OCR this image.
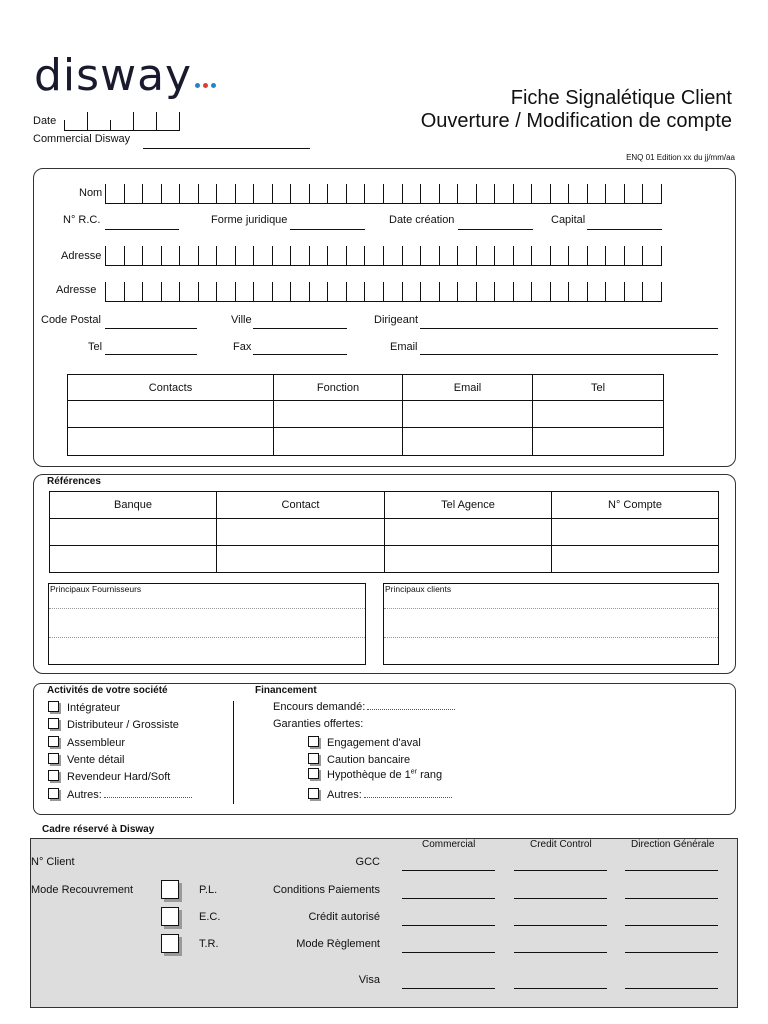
disway	Fiche Signalétique Client
Ouverture / Modification de compte
Date
Commercial Disway
ENQ 01 Edition xx du jj/mm/aa
Nom
N° R.C.	Forme juridique	Date création	Capital
Adresse
Adresse
Code Postal	Ville	Dirigeant
Tel	Fax	Email
Contacts	Fonction	Email	Tel

Références
Banque	Contact	Tel Agence	N° Compte

Principaux Fournisseurs	Principaux clients
Activités de votre société	Financement
Intégrateur
Distributeur / Grossiste
Assembleur
Vente détail
Revendeur Hard/Soft
Autres:
Encours demandé:
Garanties offertes:
Engagement d'aval
Caution bancaire
Hypothèque de 1er rang
Autres:
Cadre réservé à Disway
Commercial	Credit Control	Direction Générale
N° Client
Mode Recouvrement	P.L.
E.C.
T.R.
GCC
Conditions Paiements
Crédit autorisé
Mode Règlement
Visa
